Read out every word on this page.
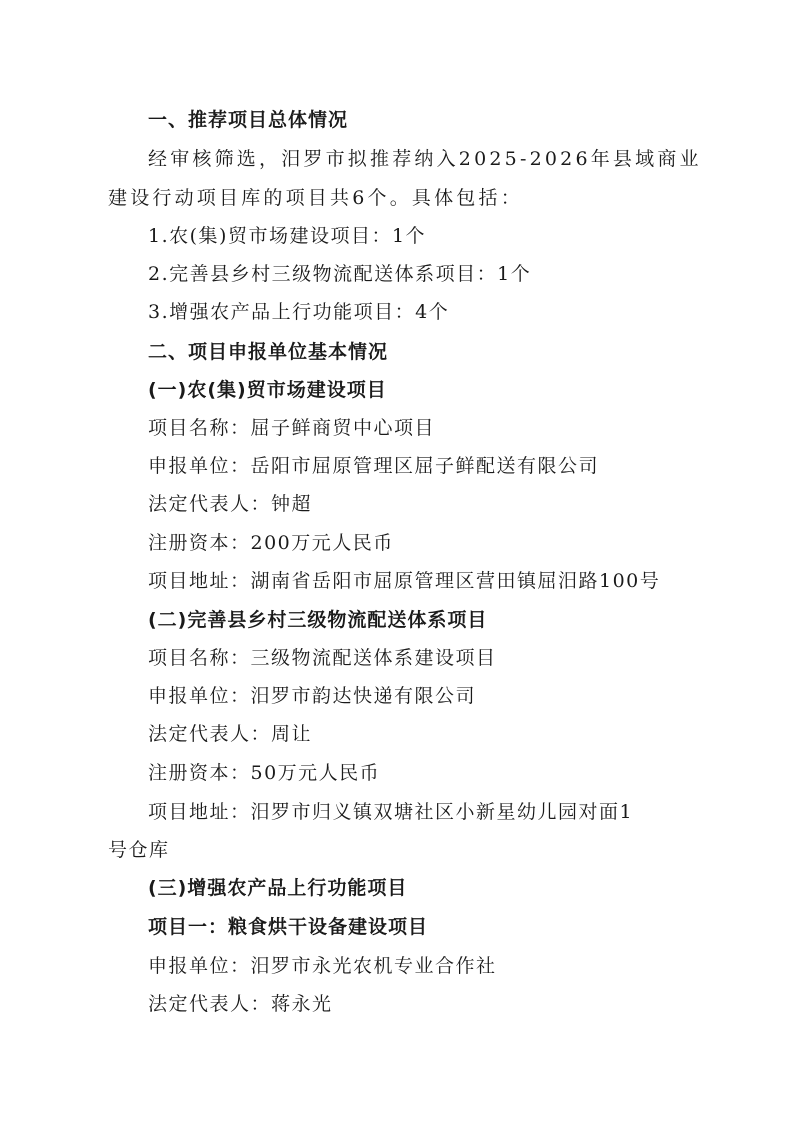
一、推荐项目总体情况
经审核筛选，汨罗市拟推荐纳入2025-2026年县域商业
建设行动项目库的项目共6个。具体包括：
1.农(集)贸市场建设项目：1个
2.完善县乡村三级物流配送体系项目：1个
3.增强农产品上行功能项目：4个
二、项目申报单位基本情况
(一)农(集)贸市场建设项目
项目名称：屈子鲜商贸中心项目
申报单位：岳阳市屈原管理区屈子鲜配送有限公司
法定代表人：钟超
注册资本：200万元人民币
项目地址：湖南省岳阳市屈原管理区营田镇屈汨路100号
(二)完善县乡村三级物流配送体系项目
项目名称：三级物流配送体系建设项目
申报单位：汨罗市韵达快递有限公司
法定代表人：周让
注册资本：50万元人民币
项目地址：汨罗市归义镇双塘社区小新星幼儿园对面1
号仓库
(三)增强农产品上行功能项目
项目一：粮食烘干设备建设项目
申报单位：汨罗市永光农机专业合作社
法定代表人：蒋永光
